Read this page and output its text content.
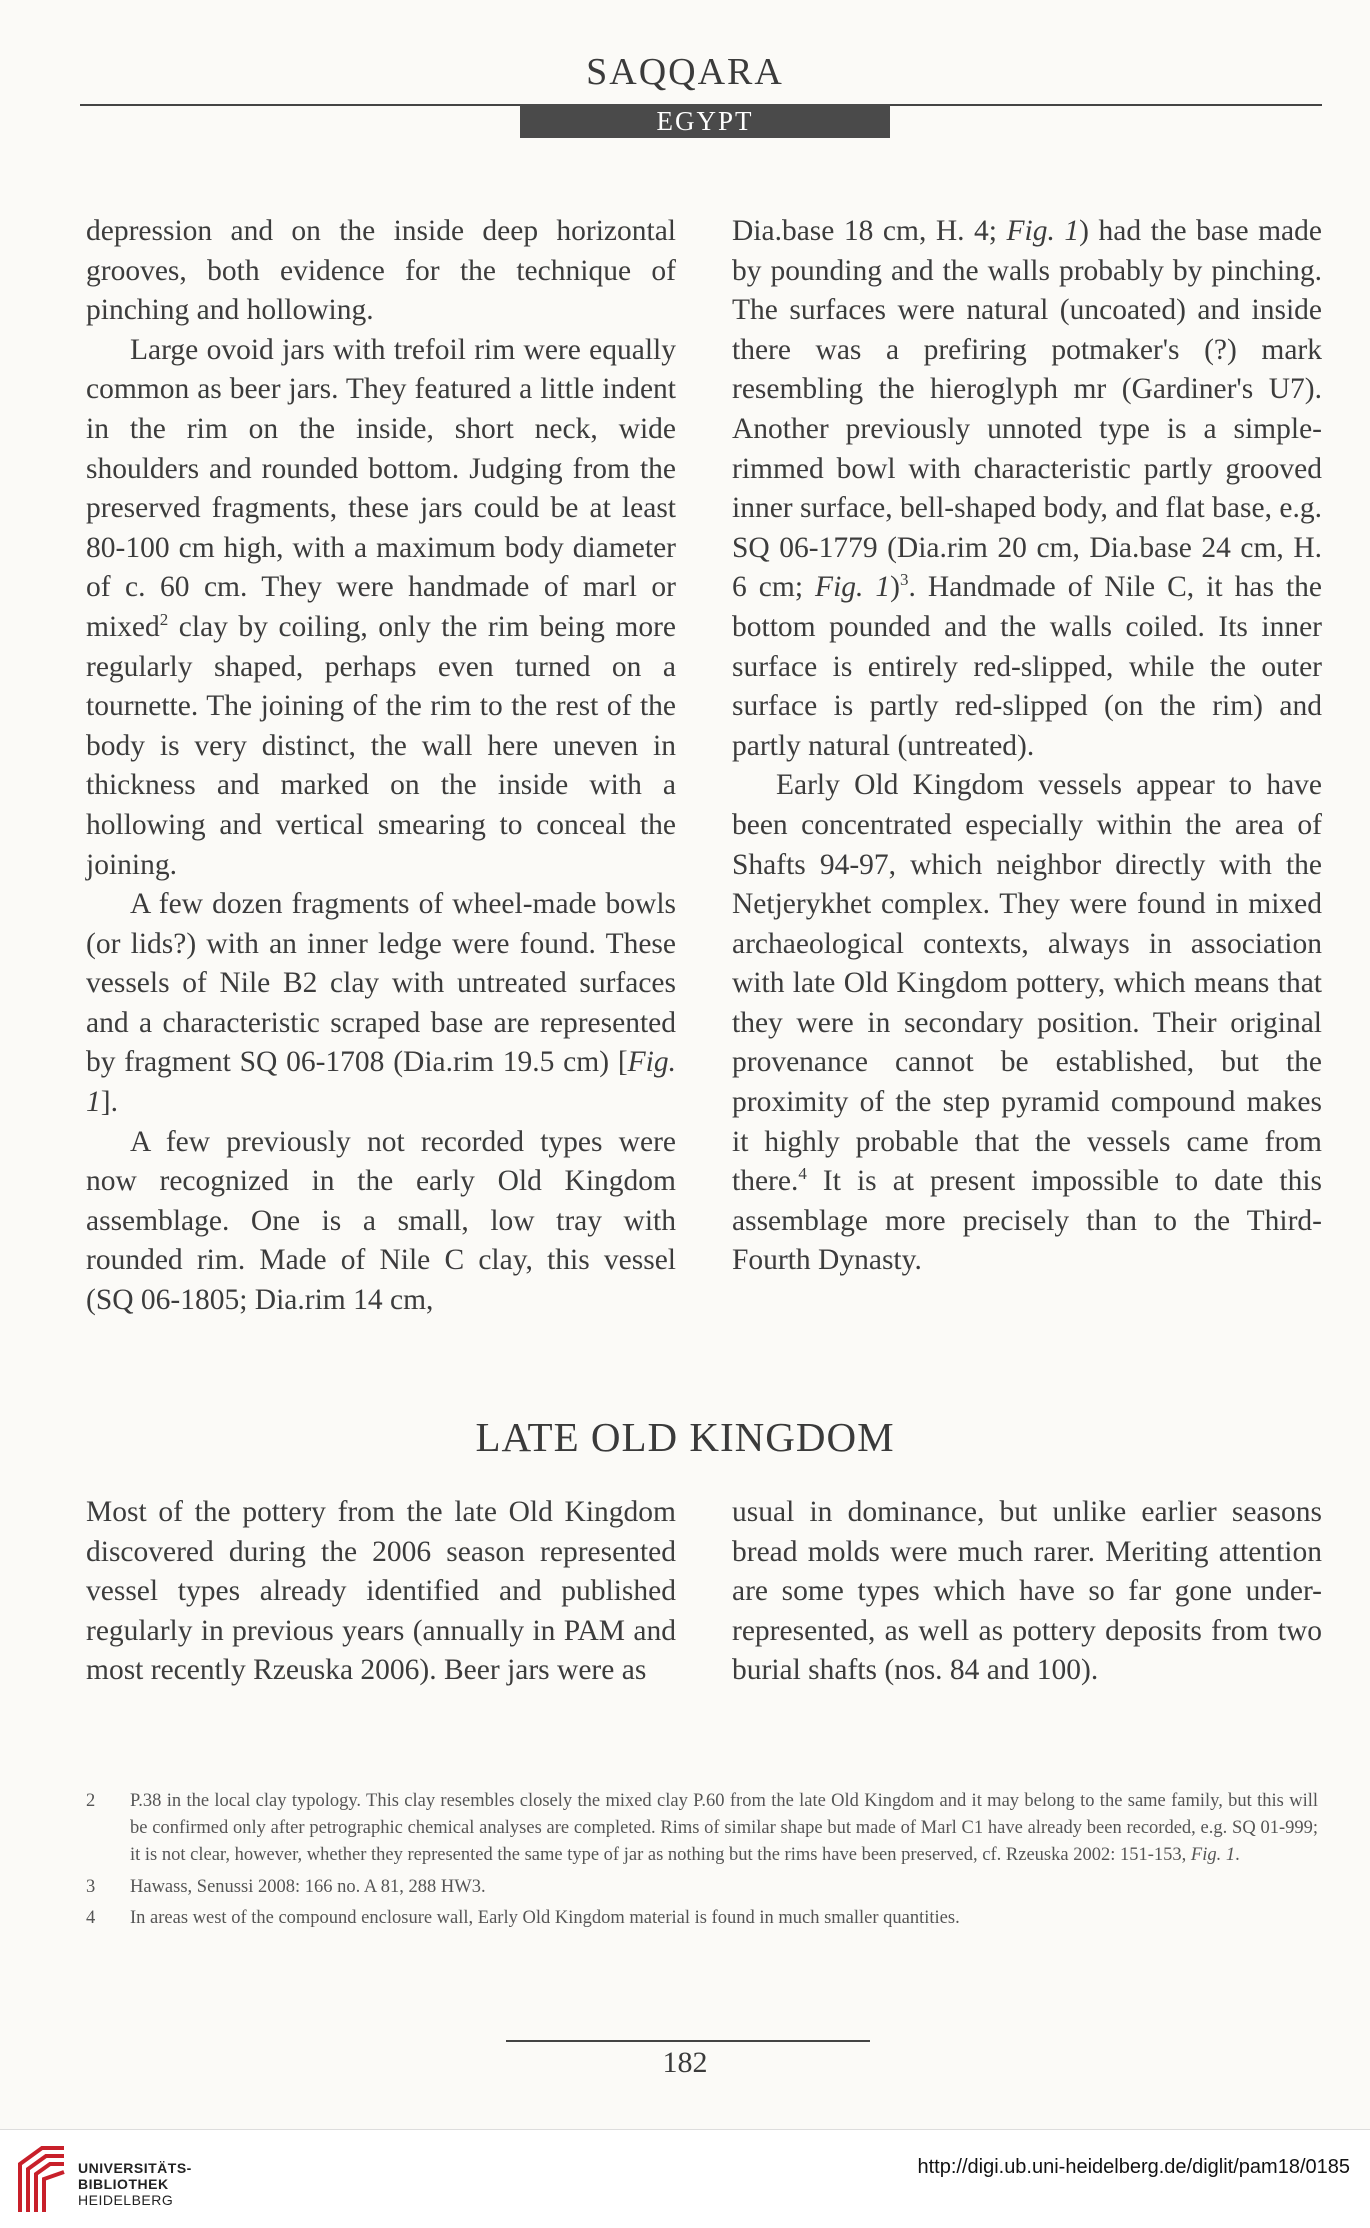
SAQQARA
EGYPT

depression and on the inside deep horizontal grooves, both evidence for the technique of pinching and hollowing.

Large ovoid jars with trefoil rim were equally common as beer jars. They featured a little indent in the rim on the inside, short neck, wide shoulders and rounded bottom. Judging from the preserved fragments, these jars could be at least 80-100 cm high, with a maximum body diameter of c. 60 cm. They were handmade of marl or mixed$^2$ clay by coiling, only the rim being more regularly shaped, perhaps even turned on a tournette. The joining of the rim to the rest of the body is very distinct, the wall here uneven in thickness and marked on the inside with a hollowing and vertical smearing to conceal the joining.

A few dozen fragments of wheel-made bowls (or lids?) with an inner ledge were found. These vessels of Nile B2 clay with untreated surfaces and a characteristic scraped base are represented by fragment SQ 06-1708 (Dia.rim 19.5 cm) [Fig. 1].

A few previously not recorded types were now recognized in the early Old Kingdom assemblage. One is a small, low tray with rounded rim. Made of Nile C clay, this vessel (SQ 06-1805; Dia.rim 14 cm,

Dia.base 18 cm, H. 4; Fig. 1) had the base made by pounding and the walls probably by pinching. The surfaces were natural (uncoated) and inside there was a prefiring potmaker's (?) mark resembling the hieroglyph mr (Gardiner's U7). Another previously unnoted type is a simple-rimmed bowl with characteristic partly grooved inner surface, bell-shaped body, and flat base, e.g. SQ 06-1779 (Dia.rim 20 cm, Dia.base 24 cm, H. 6 cm; Fig. 1)$^3$. Handmade of Nile C, it has the bottom pounded and the walls coiled. Its inner surface is entirely red-slipped, while the outer surface is partly red-slipped (on the rim) and partly natural (untreated).

Early Old Kingdom vessels appear to have been concentrated especially within the area of Shafts 94-97, which neighbor directly with the Netjerykhet complex. They were found in mixed archaeological contexts, always in association with late Old Kingdom pottery, which means that they were in secondary position. Their original provenance cannot be established, but the proximity of the step pyramid compound makes it highly probable that the vessels came from there.$^4$ It is at present impossible to date this assemblage more precisely than to the Third-Fourth Dynasty.

LATE OLD KINGDOM

Most of the pottery from the late Old Kingdom discovered during the 2006 season represented vessel types already identified and published regularly in previous years (annually in PAM and most recently Rzeuska 2006). Beer jars were as

usual in dominance, but unlike earlier seasons bread molds were much rarer. Meriting attention are some types which have so far gone under-represented, as well as pottery deposits from two burial shafts (nos. 84 and 100).

2	P.38 in the local clay typology. This clay resembles closely the mixed clay P.60 from the late Old Kingdom and it may belong to the same family, but this will be confirmed only after petrographic chemical analyses are completed. Rims of similar shape but made of Marl C1 have already been recorded, e.g. SQ 01-999; it is not clear, however, whether they represented the same type of jar as nothing but the rims have been preserved, cf. Rzeuska 2002: 151-153, Fig. 1.
3	Hawass, Senussi 2008: 166 no. A 81, 288 HW3.
4	In areas west of the compound enclosure wall, Early Old Kingdom material is found in much smaller quantities.
182
UNIVERSITÄTS-
BIBLIOTHEK
HEIDELBERG
http://digi.ub.uni-heidelberg.de/diglit/pam18/0185
